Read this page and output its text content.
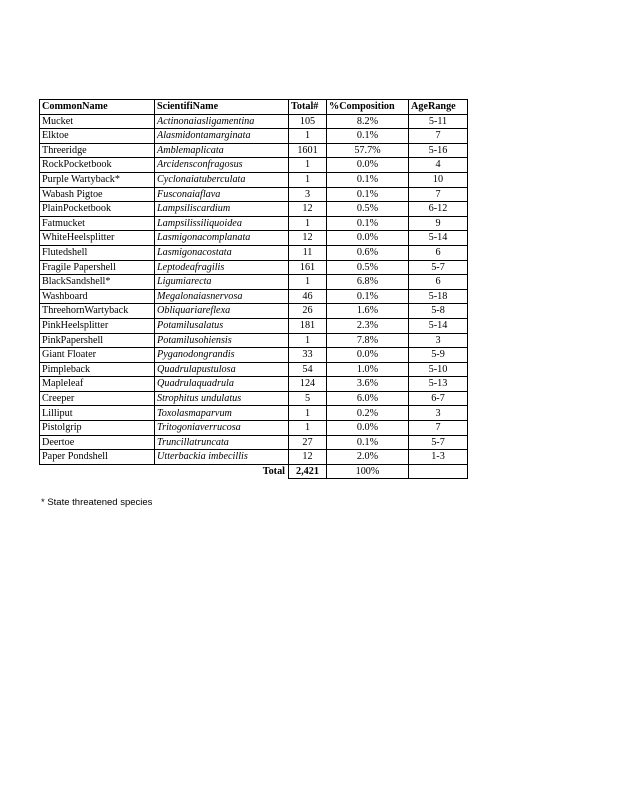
CommonName	ScientifiName	Total#	%Composition	AgeRange
Mucket	Actinonaiasligamentina	105	8.2%	5-11
Elktoe	Alasmidontamarginata	1	0.1%	7
Threeridge	Amblemaplicata	1601	57.7%	5-16
RockPocketbook	Arcidensconfragosus	1	0.0%	4
Purple Wartyback*	Cyclonaiatuberculata	1	0.1%	10
Wabash Pigtoe	Fusconaiaflava	3	0.1%	7
PlainPocketbook	Lampsiliscardium	12	0.5%	6-12
Fatmucket	Lampsilissiliquoidea	1	0.1%	9
WhiteHeelsplitter	Lasmigonacomplanata	12	0.0%	5-14
Flutedshell	Lasmigonacostata	11	0.6%	6
Fragile Papershell	Leptodeafragilis	161	0.5%	5-7
BlackSandshell*	Ligumiarecta	1	6.8%	6
Washboard	Megalonaiasnervosa	46	0.1%	5-18
ThreehornWartyback	Obliquariareflexa	26	1.6%	5-8
PinkHeelsplitter	Potamilusalatus	181	2.3%	5-14
PinkPapershell	Potamilusohiensis	1	7.8%	3
Giant Floater	Pyganodongrandis	33	0.0%	5-9
Pimpleback	Quadrulapustulosa	54	1.0%	5-10
Mapleleaf	Quadrulaquadrula	124	3.6%	5-13
Creeper	Strophitus undulatus	5	6.0%	6-7
Lilliput	Toxolasmaparvum	1	0.2%	3
Pistolgrip	Tritogoniaverrucosa	1	0.0%	7
Deertoe	Truncillatruncata	27	0.1%	5-7
Paper Pondshell	Utterbackia imbecillis	12	2.0%	1-3
	Total	2,421	100%	
* State threatened species
